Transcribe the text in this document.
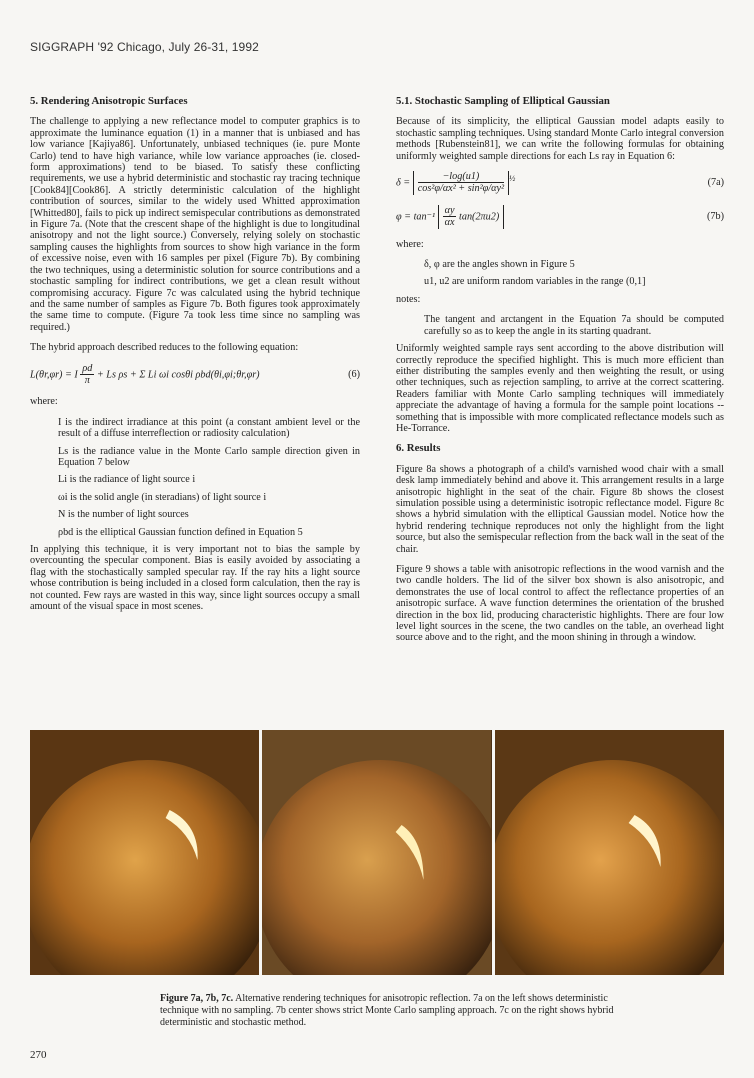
SIGGRAPH '92 Chicago, July 26-31, 1992
5. Rendering Anisotropic Surfaces

The challenge to applying a new reflectance model to computer graphics is to approximate the luminance equation (1) in a manner that is unbiased and has low variance [Kajiya86]. Unfortunately, unbiased techniques (ie. pure Monte Carlo) tend to have high variance, while low variance approaches (ie. closed-form approximations) tend to be biased. To satisfy these conflicting requirements, we use a hybrid deterministic and stochastic ray tracing technique [Cook84][Cook86]. A strictly deterministic calculation of the highlight contribution of sources, similar to the widely used Whitted approximation [Whitted80], fails to pick up indirect semispecular contributions as demonstrated in Figure 7a. (Note that the crescent shape of the highlight is due to longitudinal anisotropy and not the light source.) Conversely, relying solely on stochastic sampling causes the highlights from sources to show high variance in the form of excessive noise, even with 16 samples per pixel (Figure 7b). By combining the two techniques, using a deterministic solution for source contributions and a stochastic sampling for indirect contributions, we get a clean result without compromising accuracy. Figure 7c was calculated using the hybrid technique and the same number of samples as Figure 7b. Both figures took approximately the same time to compute. (Figure 7a took less time since no sampling was required.)

The hybrid approach described reduces to the following equation:

L(θr,φr) = I $\frac{\rho d}{\pi} + Ls$ ρs + Σ Li ωi cosθi ρbd(θi,φi;θr,φr)	(6)

where:

I is the indirect irradiance at this point (a constant ambient level or the result of a diffuse interreflection or radiosity calculation)

Ls is the radiance value in the Monte Carlo sample direction given in Equation 7 below

Li is the radiance of light source i

ωi is the solid angle (in steradians) of light source i

N is the number of light sources

ρbd is the elliptical Gaussian function defined in Equation 5

In applying this technique, it is very important not to bias the sample by overcounting the specular component. Bias is easily avoided by associating a flag with the stochastically sampled specular ray. If the ray hits a light source whose contribution is being included in a closed form calculation, then the ray is not counted. Few rays are wasted in this way, since light sources occupy a small amount of the visual space in most scenes.

5.1. Stochastic Sampling of Elliptical Gaussian

Because of its simplicity, the elliptical Gaussian model adapts easily to stochastic sampling techniques. Using standard Monte Carlo integral conversion methods [Rubenstein81], we can write the following formulas for obtaining uniformly weighted sample directions for each Ls ray in Equation 6:

$\delta = \frac{-\log(u1)}{\text{cos²φ/αx² + sin²φ/αy²}} ^{\frac{1}{2}}$	(7a)
$\varphi = \tan^{-1} \frac{\alpha y}{\alpha x} \tan(2\pi u2)$	(7b)

where:

δ, φ are the angles shown in Figure 5

u1, u2 are uniform random variables in the range (0,1]

notes:

The tangent and arctangent in the Equation 7a should be computed carefully so as to keep the angle in its starting quadrant.

Uniformly weighted sample rays sent according to the above distribution will correctly reproduce the specified highlight. This is much more efficient than either distributing the samples evenly and then weighting the result, or using other techniques, such as rejection sampling, to arrive at the correct scattering. Readers familiar with Monte Carlo sampling techniques will immediately appreciate the advantage of having a formula for the sample point locations -- something that is impossible with more complicated reflectance models such as He-Torrance.

6. Results

Figure 8a shows a photograph of a child's varnished wood chair with a small desk lamp immediately behind and above it. This arrangement results in a large anisotropic highlight in the seat of the chair. Figure 8b shows the closest simulation possible using a deterministic isotropic reflectance model. Figure 8c shows a hybrid simulation with the elliptical Gaussian model. Notice how the hybrid rendering technique reproduces not only the highlight from the light source, but also the semispecular reflection from the back wall in the seat of the chair.

Figure 9 shows a table with anisotropic reflections in the wood varnish and the two candle holders. The lid of the silver box shown is also anisotropic, and demonstrates the use of local control to affect the reflectance properties of an anisotropic surface. A wave function determines the orientation of the brushed direction in the box lid, producing characteristic highlights. There are four low level light sources in the scene, the two candles on the table, an overhead light source above and to the right, and the moon shining in through a window.

Figure 7a, 7b, 7c. Alternative rendering techniques for anisotropic reflection. 7a on the left shows deterministic technique with no sampling. 7b center shows strict Monte Carlo sampling approach. 7c on the right shows hybrid deterministic and stochastic method.
270
